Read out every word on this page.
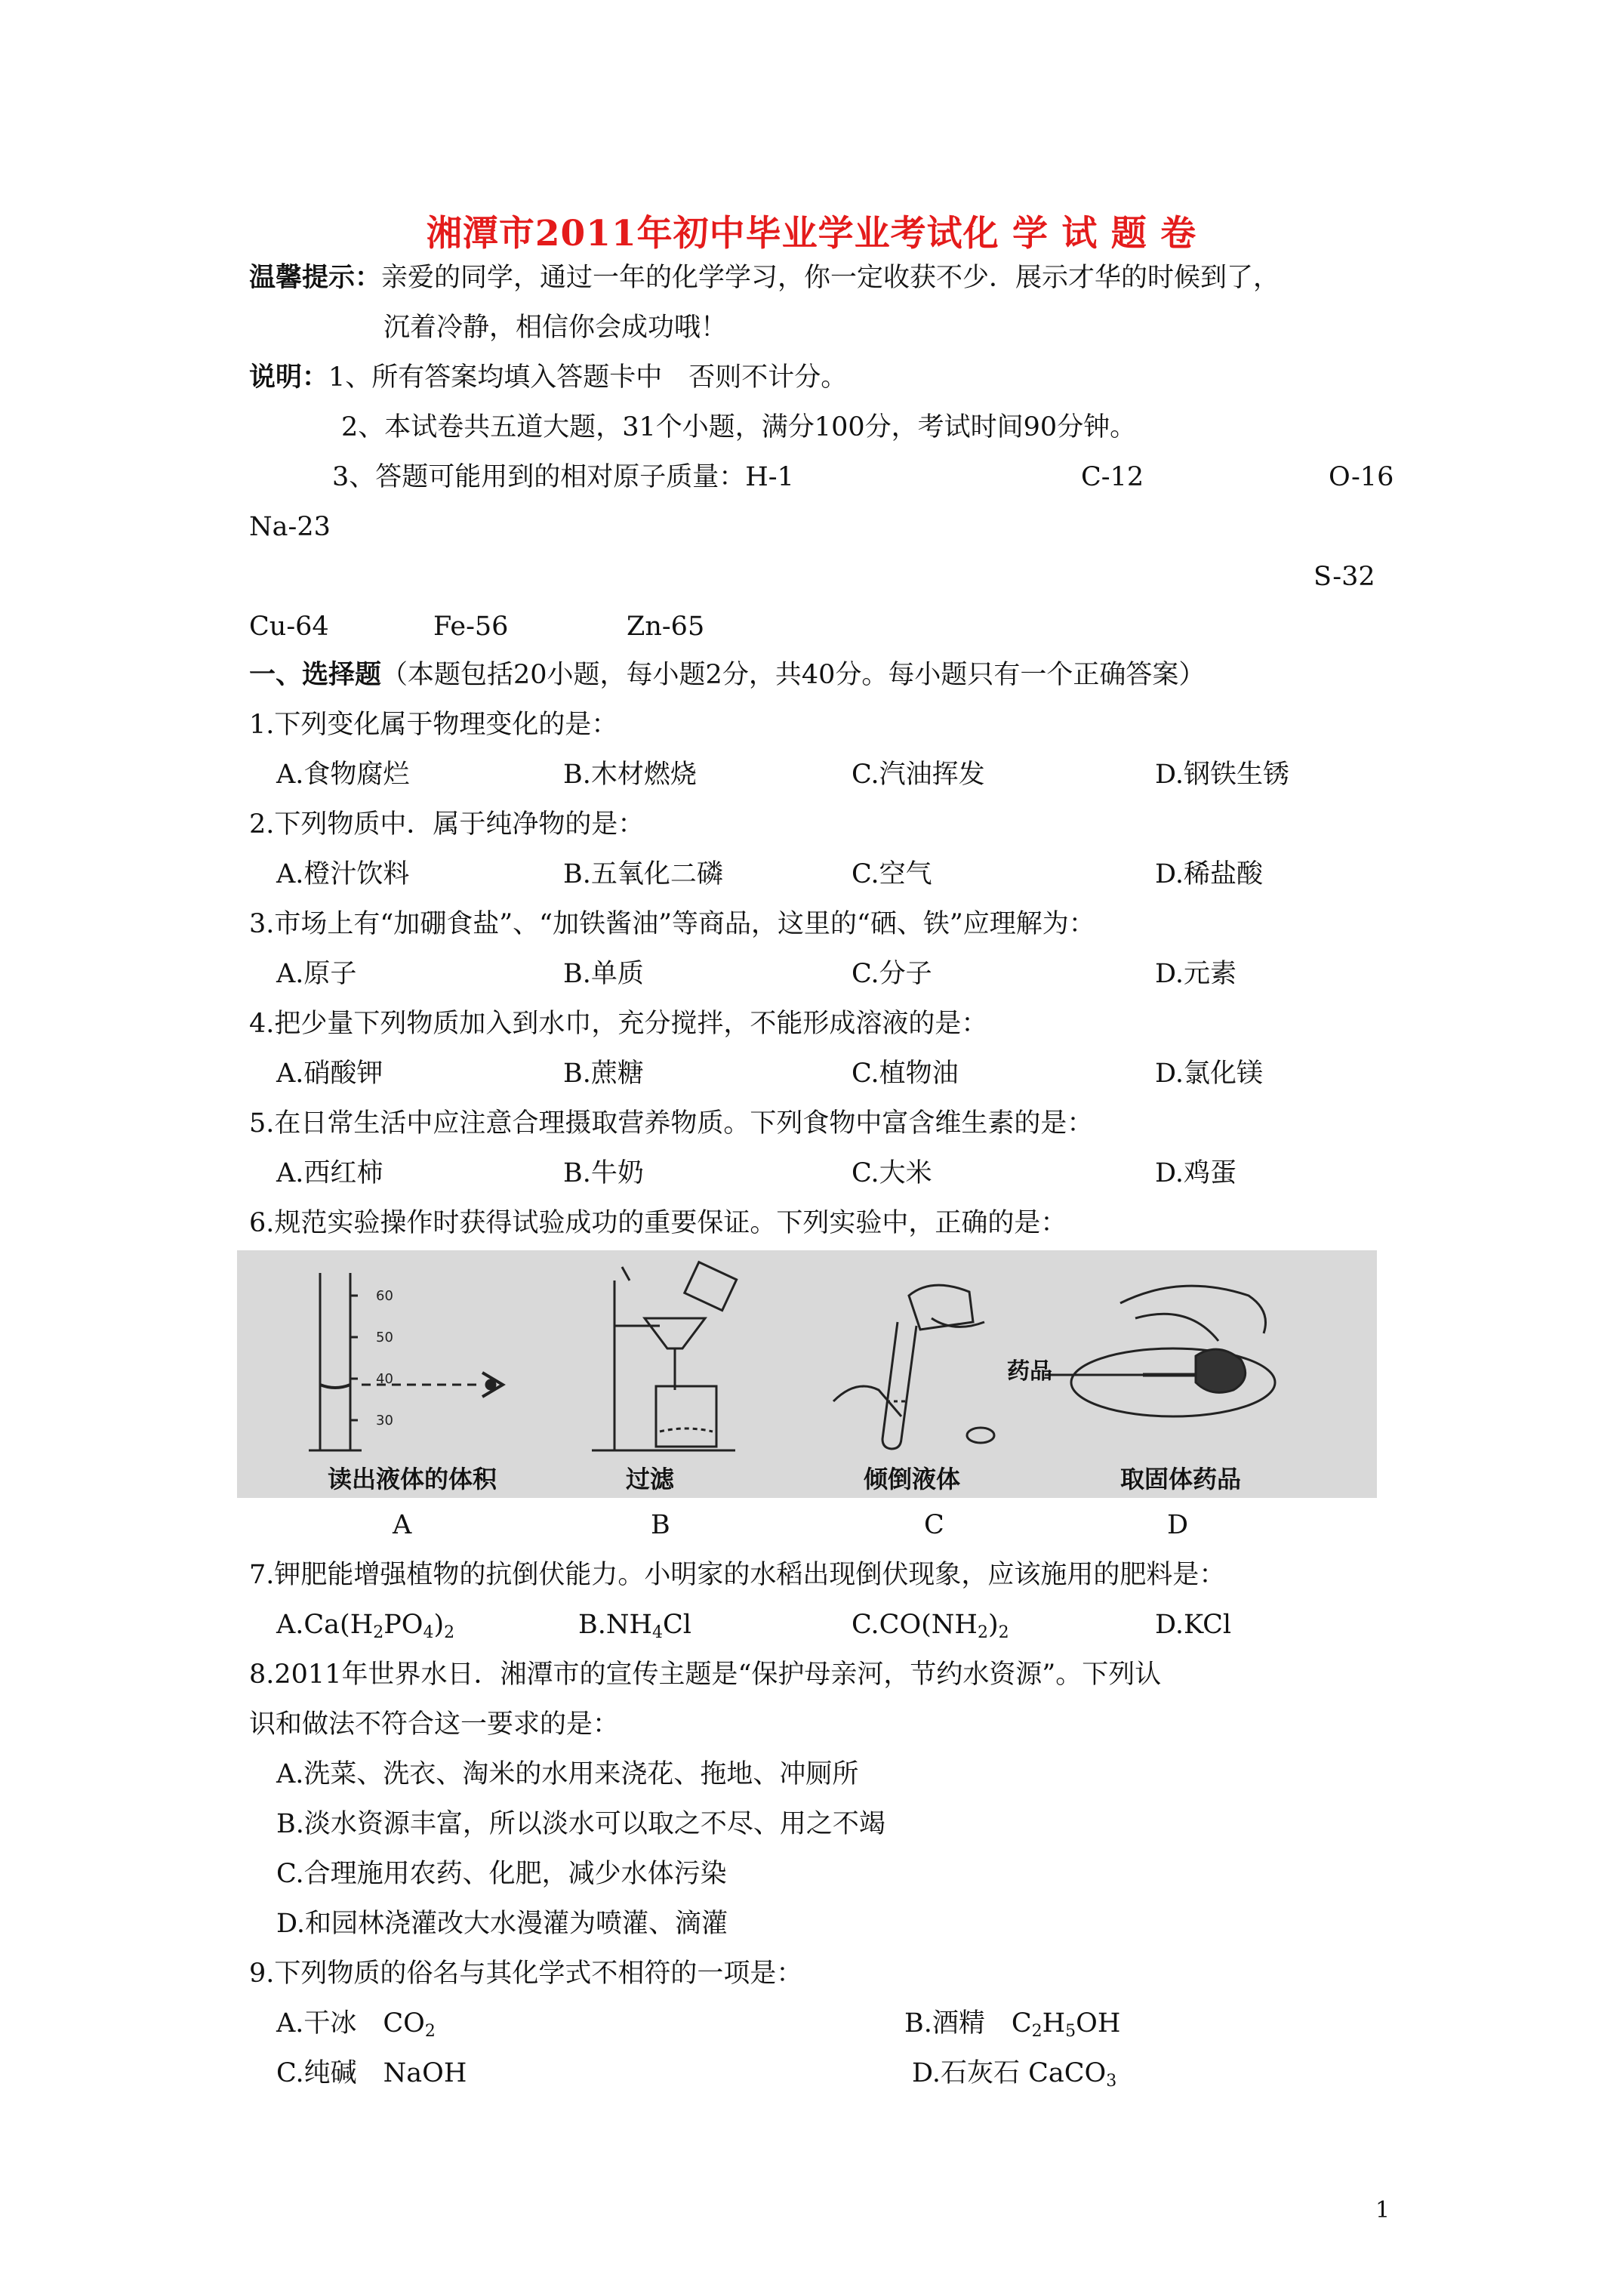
湘潭市2011年初中毕业学业考试化 学 试 题 卷
温馨提示：亲爱的同学，通过一年的化学学习，你一定收获不少．展示才华的时候到了，
沉着冷静，相信你会成功哦！
说明：1、所有答案均填入答题卡中　否则不计分。
2、本试卷共五道大题，31个小题，满分100分，考试时间90分钟。
3、答题可能用到的相对原子质量：H-1	C-12	O-16
Na-23
S-32
Cu-64	Fe-56	Zn-65
一、选择题（本题包括20小题，每小题2分，共40分。每小题只有一个正确答案）
1.下列变化属于物理变化的是：
A.食物腐烂	B.木材燃烧	C.汽油挥发	D.钢铁生锈
2.下列物质中．属于纯净物的是：
A.橙汁饮料	B.五氧化二磷	C.空气	D.稀盐酸
3.市场上有“加硼食盐”、“加铁酱油”等商品，这里的“硒、铁”应理解为：
A.原子	B.单质	C.分子	D.元素
4.把少量下列物质加入到水巾，充分搅拌，不能形成溶液的是：
A.硝酸钾	B.蔗糖	C.植物油	D.氯化镁
5.在日常生活中应注意合理摄取营养物质。下列食物中富含维生素的是：
A.西红柿	B.牛奶	C.大米	D.鸡蛋
6.规范实验操作时获得试验成功的重要保证。下列实验中，正确的是：
60
50
40
30
药品
读出液体的体积	过滤	倾倒液体	取固体药品
A	B	C	D
7.钾肥能增强植物的抗倒伏能力。小明家的水稻出现倒伏现象，应该施用的肥料是：
$A.Ca(H_2PO_4)_2$	$B.NH_4Cl$	$C.CO(NH_2)_2$	D.KCl
8.2011年世界水日．湘潭市的宣传主题是“保护母亲河，节约水资源”。下列认
识和做法不符合这一要求的是：
A.洗菜、洗衣、淘米的水用来浇花、拖地、冲厕所
B.淡水资源丰富，所以淡水可以取之不尽、用之不竭
C.合理施用农药、化肥，减少水体污染
D.和园林浇灌改大水漫灌为喷灌、滴灌
9.下列物质的俗名与其化学式不相符的一项是：
A.干冰　$CO_2$	B.酒精　$C_2H_5OH$
C.纯碱　NaOH	D.石灰石 CaCO$_3$
1
